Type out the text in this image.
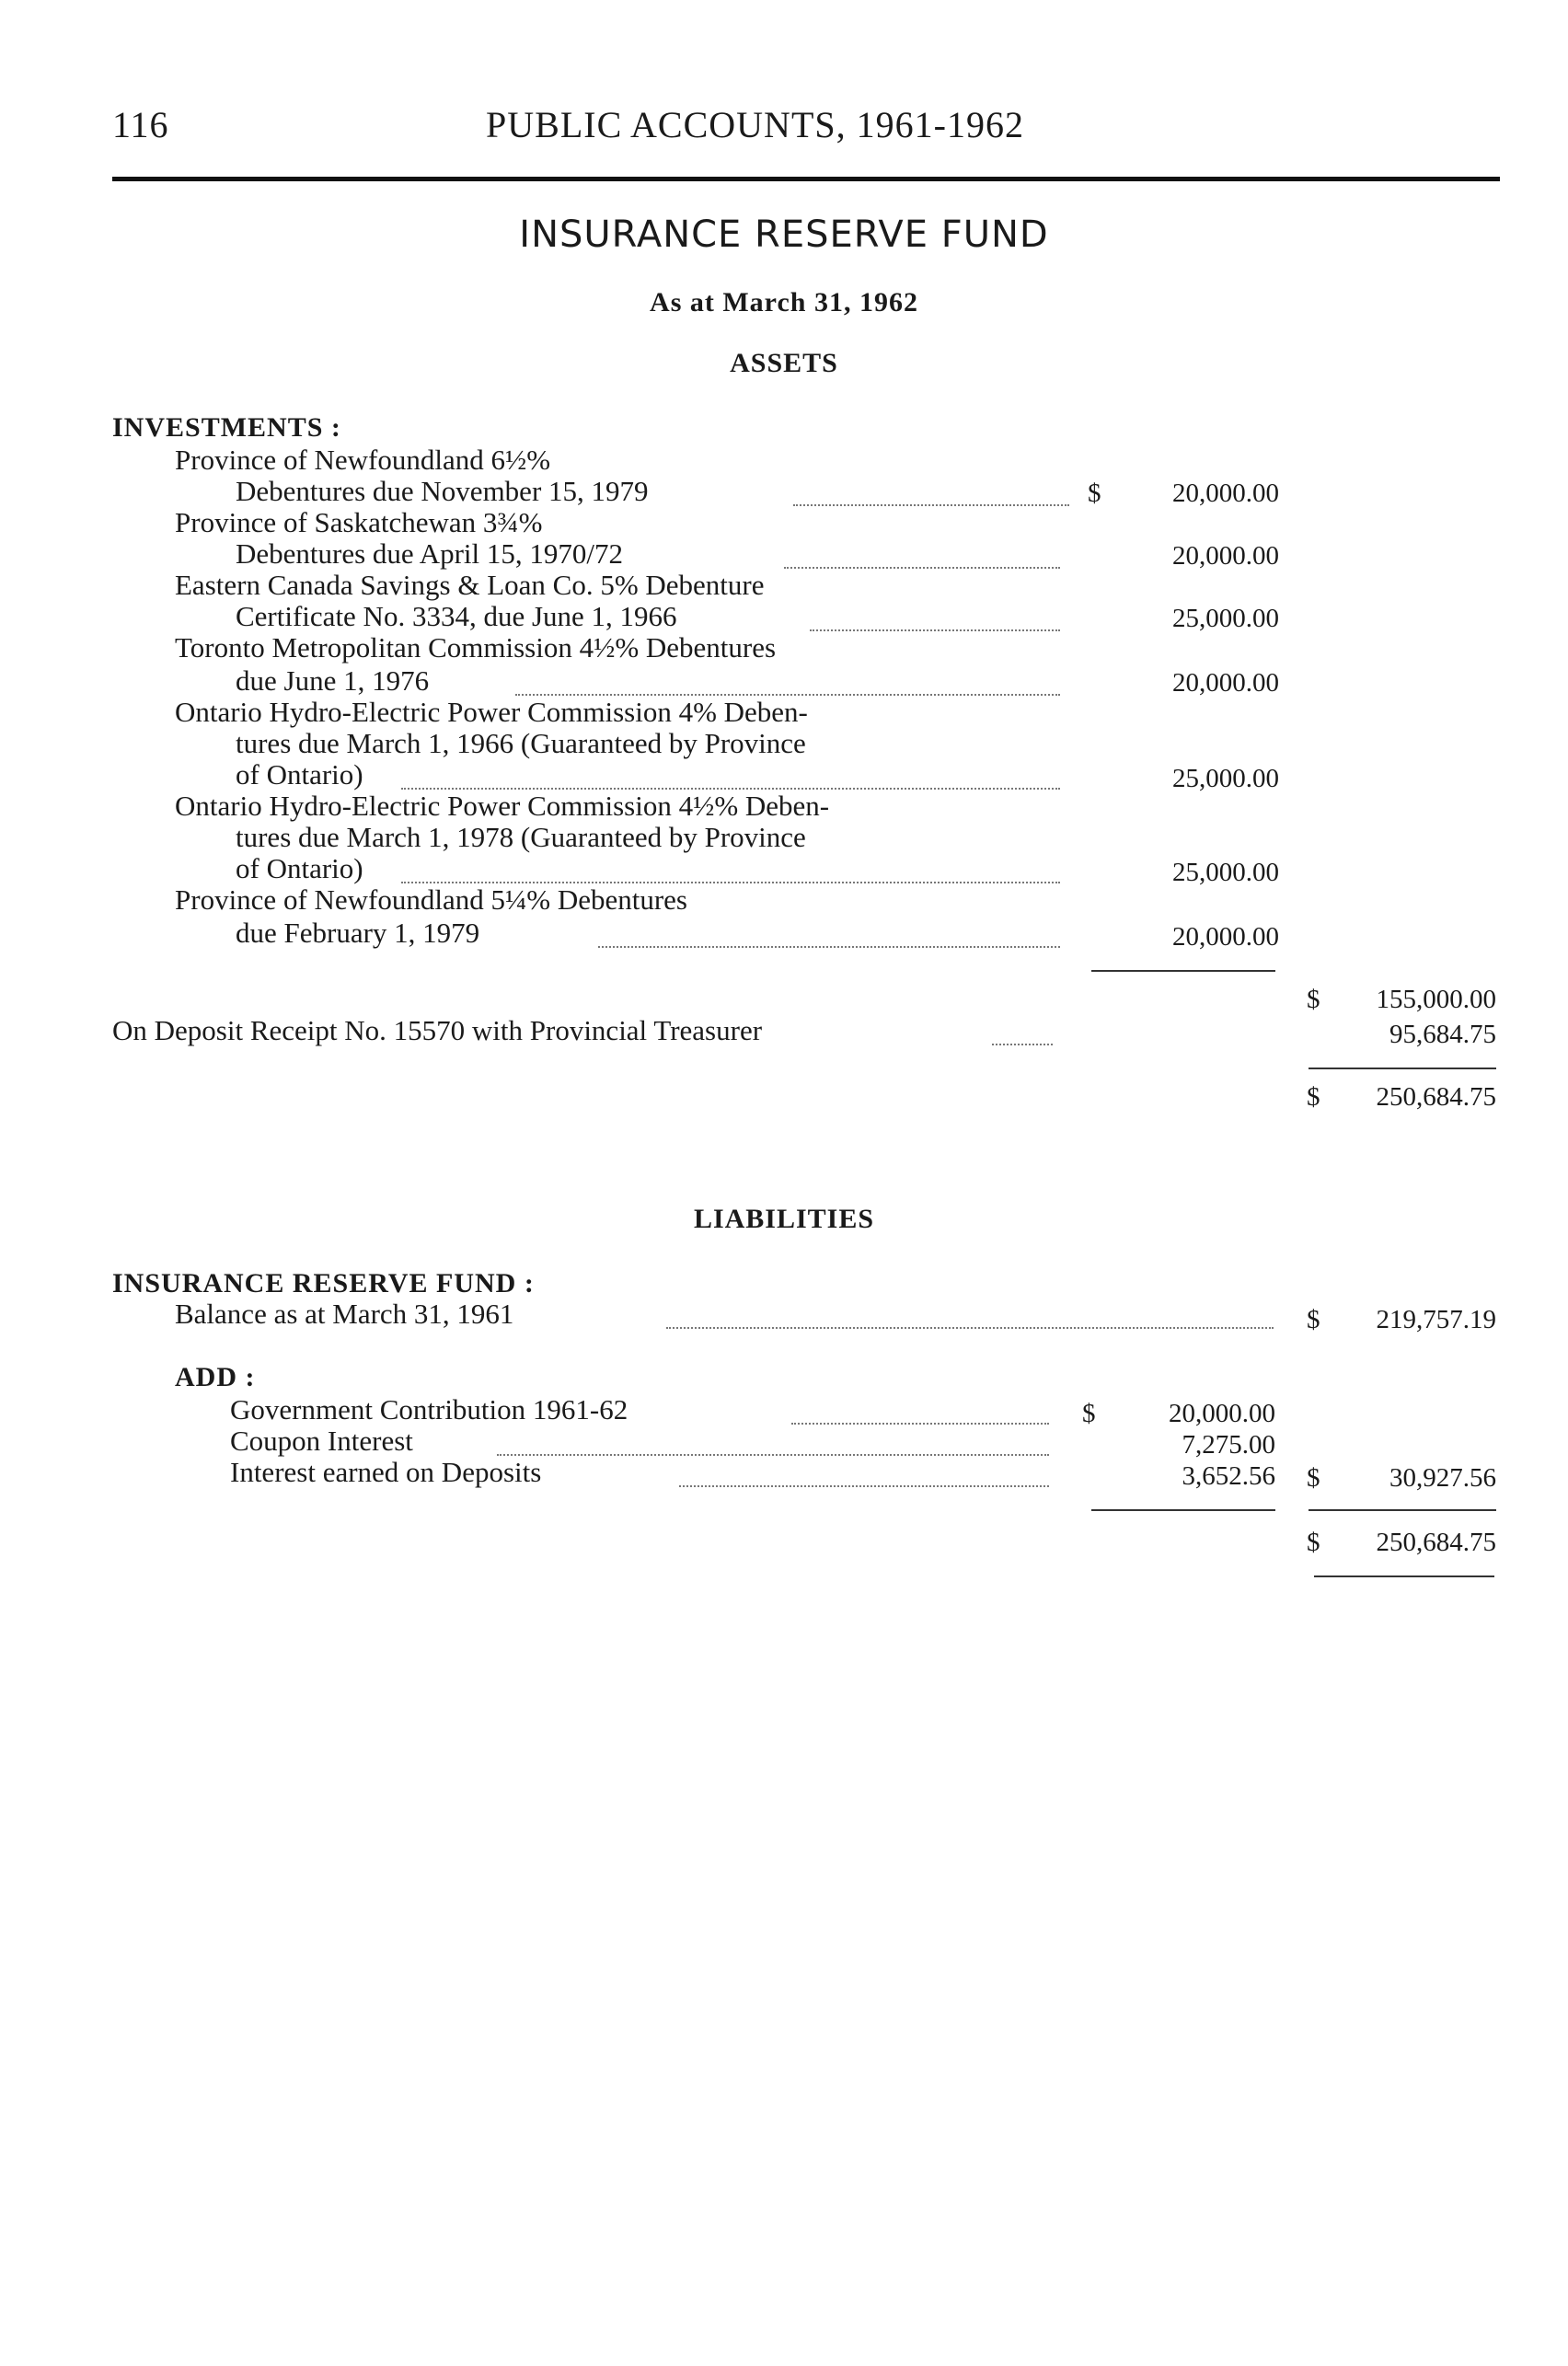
116	PUBLIC ACCOUNTS, 1961-1962
INSURANCE RESERVE FUND
As at March 31, 1962
ASSETS
INVESTMENTS :
Province of Newfoundland 6½%
Debentures due November 15, 1979	$	20,000.00
Province of Saskatchewan 3¾%
Debentures due April 15, 1970/72	20,000.00
Eastern Canada Savings & Loan Co. 5% Debenture
Certificate No. 3334, due June 1, 1966	25,000.00
Toronto Metropolitan Commission 4½% Debentures
due June 1, 1976	20,000.00
Ontario Hydro-Electric Power Commission 4% Deben-
tures due March 1, 1966 (Guaranteed by Province
of Ontario)	25,000.00
Ontario Hydro-Electric Power Commission 4½% Deben-
tures due March 1, 1978 (Guaranteed by Province
of Ontario)	25,000.00
Province of Newfoundland 5¼% Debentures
due February 1, 1979	20,000.00
$	155,000.00
On Deposit Receipt No. 15570 with Provincial Treasurer	95,684.75
$	250,684.75
LIABILITIES
INSURANCE RESERVE FUND :
Balance as at March 31, 1961	$	219,757.19
ADD :
Government Contribution 1961-62	$	20,000.00
Coupon Interest	7,275.00
Interest earned on Deposits	3,652.56 $	30,927.56
$	250,684.75
